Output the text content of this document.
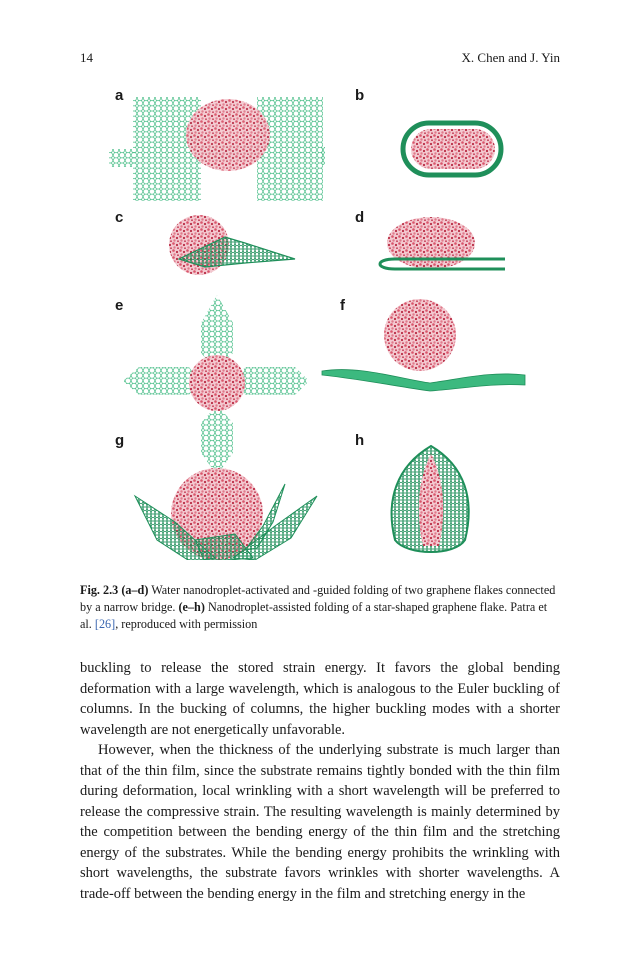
14	X. Chen and J. Yin
a	b
c	d
e	f
g	h
Fig. 2.3 (a–d) Water nanodroplet-activated and -guided folding of two graphene flakes connected by a narrow bridge. (e–h) Nanodroplet-assisted folding of a star-shaped graphene flake. Patra et al. [26], reproduced with permission

buckling to release the stored strain energy. It favors the global bending deformation with a large wavelength, which is analogous to the Euler buckling of columns. In the bucking of columns, the higher buckling modes with a shorter wavelength are not energetically unfavorable.

However, when the thickness of the underlying substrate is much larger than that of the thin film, since the substrate remains tightly bonded with the thin film during deformation, local wrinkling with a short wavelength will be preferred to release the compressive strain. The resulting wavelength is mainly determined by the competition between the bending energy of the thin film and the stretching energy of the substrates. While the bending energy prohibits the wrinkling with short wavelengths, the substrate favors wrinkles with shorter wavelengths. A trade-off between the bending energy in the film and stretching energy in the
